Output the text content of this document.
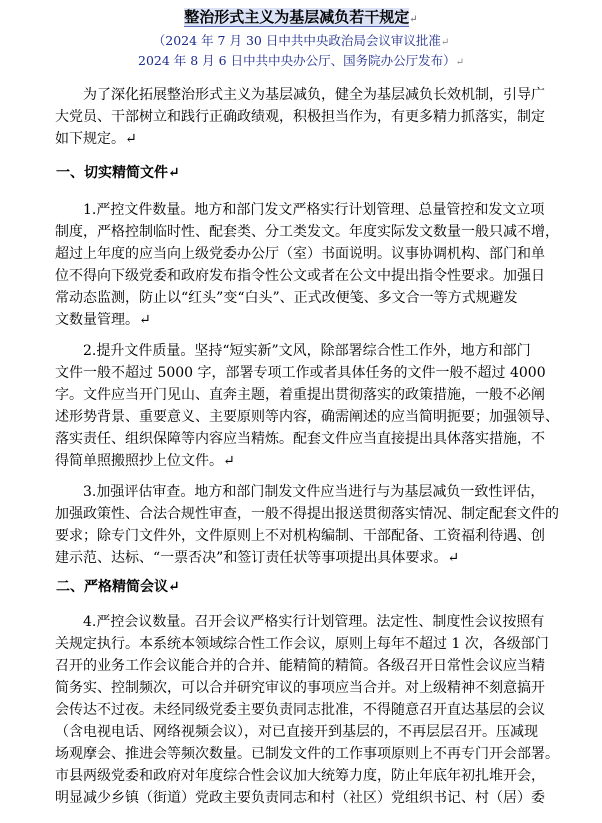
整治形式主义为基层减负若干规定↵
（2024 年 7 月 30 日中共中央政治局会议审议批准↵
2024 年 8 月 6 日中共中央办公厅、国务院办公厅发布）↵
为了深化拓展整治形式主义为基层减负，健全为基层减负长效机制，引导广
大党员、干部树立和践行正确政绩观，积极担当作为，有更多精力抓落实，制定
如下规定。↵
一、切实精简文件↵
1.严控文件数量。地方和部门发文严格实行计划管理、总量管控和发文立项
制度，严格控制临时性、配套类、分工类发文。年度实际发文数量一般只减不增，
超过上年度的应当向上级党委办公厅（室）书面说明。议事协调机构、部门和单
位不得向下级党委和政府发布指令性公文或者在公文中提出指令性要求。加强日
常动态监测，防止以“红头”变“白头”、正式改便笺、多文合一等方式规避发
文数量管理。↵
2.提升文件质量。坚持“短实新”文风，除部署综合性工作外，地方和部门
文件一般不超过 5000 字，部署专项工作或者具体任务的文件一般不超过 4000
字。文件应当开门见山、直奔主题，着重提出贯彻落实的政策措施，一般不必阐
述形势背景、重要意义、主要原则等内容，确需阐述的应当简明扼要；加强领导、
落实责任、组织保障等内容应当精炼。配套文件应当直接提出具体落实措施，不
得简单照搬照抄上位文件。↵
3.加强评估审查。地方和部门制发文件应当进行与为基层减负一致性评估，
加强政策性、合法合规性审查，一般不得提出报送贯彻落实情况、制定配套文件的
要求；除专门文件外，文件原则上不对机构编制、干部配备、工资福利待遇、创
建示范、达标、“一票否决”和签订责任状等事项提出具体要求。↵
二、严格精简会议↵
4.严控会议数量。召开会议严格实行计划管理。法定性、制度性会议按照有
关规定执行。本系统本领域综合性工作会议，原则上每年不超过 1 次，各级部门
召开的业务工作会议能合并的合并、能精简的精简。各级召开日常性会议应当精
简务实、控制频次，可以合并研究审议的事项应当合并。对上级精神不刻意搞开
会传达不过夜。未经同级党委主要负责同志批准，不得随意召开直达基层的会议
（含电视电话、网络视频会议），对已直接开到基层的，不再层层召开。压减现
场观摩会、推进会等频次数量。已制发文件的工作事项原则上不再专门开会部署。
市县两级党委和政府对年度综合性会议加大统筹力度，防止年底年初扎堆开会，
明显减少乡镇（街道）党政主要负责同志和村（社区）党组织书记、村（居）委
